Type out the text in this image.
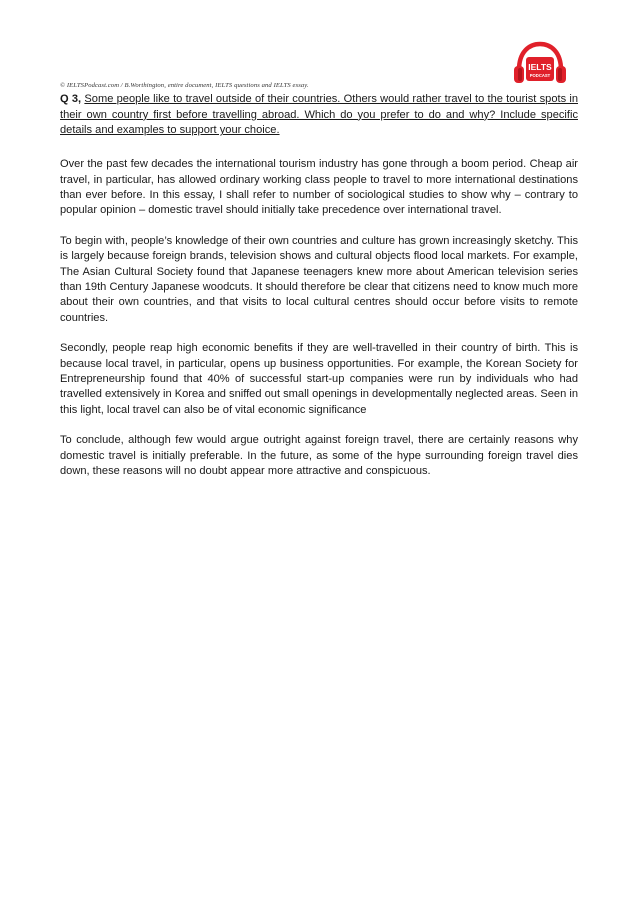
IELTS
PODCAST
© IELTSPodcast.com / B.Worthington, entire document, IELTS questions and IELTS essay.

Q 3, Some people like to travel outside of their countries. Others would rather travel to the tourist spots in their own country first before travelling abroad. Which do you prefer to do and why? Include specific details and examples to support your choice.

Over the past few decades the international tourism industry has gone through a boom period. Cheap air travel, in particular, has allowed ordinary working class people to travel to more international destinations than ever before. In this essay, I shall refer to number of sociological studies to show why – contrary to popular opinion – domestic travel should initially take precedence over international travel.

To begin with, people’s knowledge of their own countries and culture has grown increasingly sketchy. This is largely because foreign brands, television shows and cultural objects flood local markets. For example, The Asian Cultural Society found that Japanese teenagers knew more about American television series than 19th Century Japanese woodcuts. It should therefore be clear that citizens need to know much more about their own countries, and that visits to local cultural centres should occur before visits to remote countries.

Secondly, people reap high economic benefits if they are well-travelled in their country of birth. This is because local travel, in particular, opens up business opportunities. For example, the Korean Society for Entrepreneurship found that 40% of successful start-up companies were run by individuals who had travelled extensively in Korea and sniffed out small openings in developmentally neglected areas. Seen in this light, local travel can also be of vital economic significance

To conclude, although few would argue outright against foreign travel, there are certainly reasons why domestic travel is initially preferable. In the future, as some of the hype surrounding foreign travel dies down, these reasons will no doubt appear more attractive and conspicuous.
